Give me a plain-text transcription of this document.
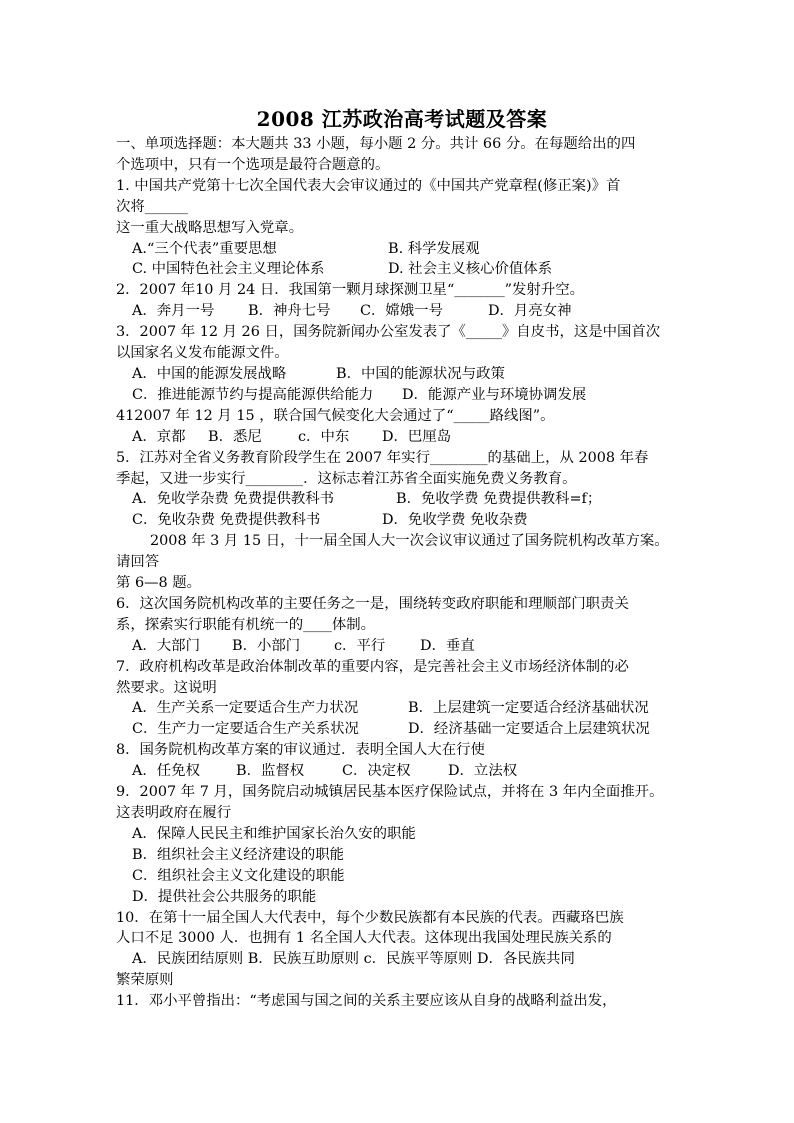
2008 江苏政治高考试题及答案
一、单项选择题：本大题共 33 小题，每小题 2 分。共计 66 分。在每题给出的四
个选项中，只有一个选项是最符合题意的。
1. 中国共产党第十七次全国代表大会审议通过的《中国共产党章程(修正案)》首
次将______
这一重大战略思想写入党章。
A.“三个代表”重要思想	B. 科学发展观
C. 中国特色社会主义理论体系	D. 社会主义核心价值体系
2．2007 年10 月 24 日．我国第一颗月球探测卫星“_______”发射升空。
A．奔月一号 B．神舟七号 C．嫦娥一号	D．月亮女神
3．2007 年 12 月 26 日，国务院新闻办公室发表了《_____》自皮书，这是中国首次
以国家名义发布能源文件。
A．中国的能源发展战略	B．中国的能源状况与政策
C．推进能源节约与提高能源供给能力 D．能源产业与环境协调发展
412007 年 12 月 15 ，联合国气候变化大会通过了“_____路线图”。
A．京都 B．悉尼	c．中东 D．巴厘岛
5．江苏对全省义务教育阶段学生在 2007 年实行________的基础上，从 2008 年春
季起，又进一步实行________．这标志着江苏省全面实施免费义务教育。
A．免收学杂费 免费提供教科书	B．免收学费 免费提供教科=f；
C．免收杂费 免费提供教科书	D．免收学费 免收杂费
2008 年 3 月 15 日，十一届全国人大一次会议审议通过了国务院机构改革方案。
请回答
第 6—8 题。
6．这次国务院机构改革的主要任务之一是，围绕转变政府职能和理顺部门职责关
系，探索实行职能有机统一的____体制。
A．大部门 B．小部门 c．平行 D．垂直
7．政府机构改革是政治体制改革的重要内容，是完善社会主义市场经济体制的必
然要求。这说明
A．生产关系一定要适合生产力状况	B．上层建筑一定要适合经济基础状况
C．生产力一定要适合生产关系状况	D．经济基础一定要适合上层建筑状况
8．国务院机构改革方案的审议通过．表明全国人大在行使
A．任免权	B．监督权	C．决定权	D．立法权
9．2007 年 7 月，国务院启动城镇居民基本医疗保险试点，并将在 3 年内全面推开。
这表明政府在履行
A．保障人民民主和维护国家长治久安的职能
B．组织社会主义经济建设的职能
C．组织社会主义文化建设的职能
D．提供社会公共服务的职能
10．在第十一届全国人大代表中，每个少数民族都有本民族的代表。西藏珞巴族
人口不足 3000 人．也拥有 1 名全国人大代表。这体现出我国处理民族关系的
A．民族团结原则 B．民族互助原则 c．民族平等原则 D．各民族共同
繁荣原则
11．邓小平曾指出：“考虑国与国之间的关系主要应该从自身的战略利益出发，
